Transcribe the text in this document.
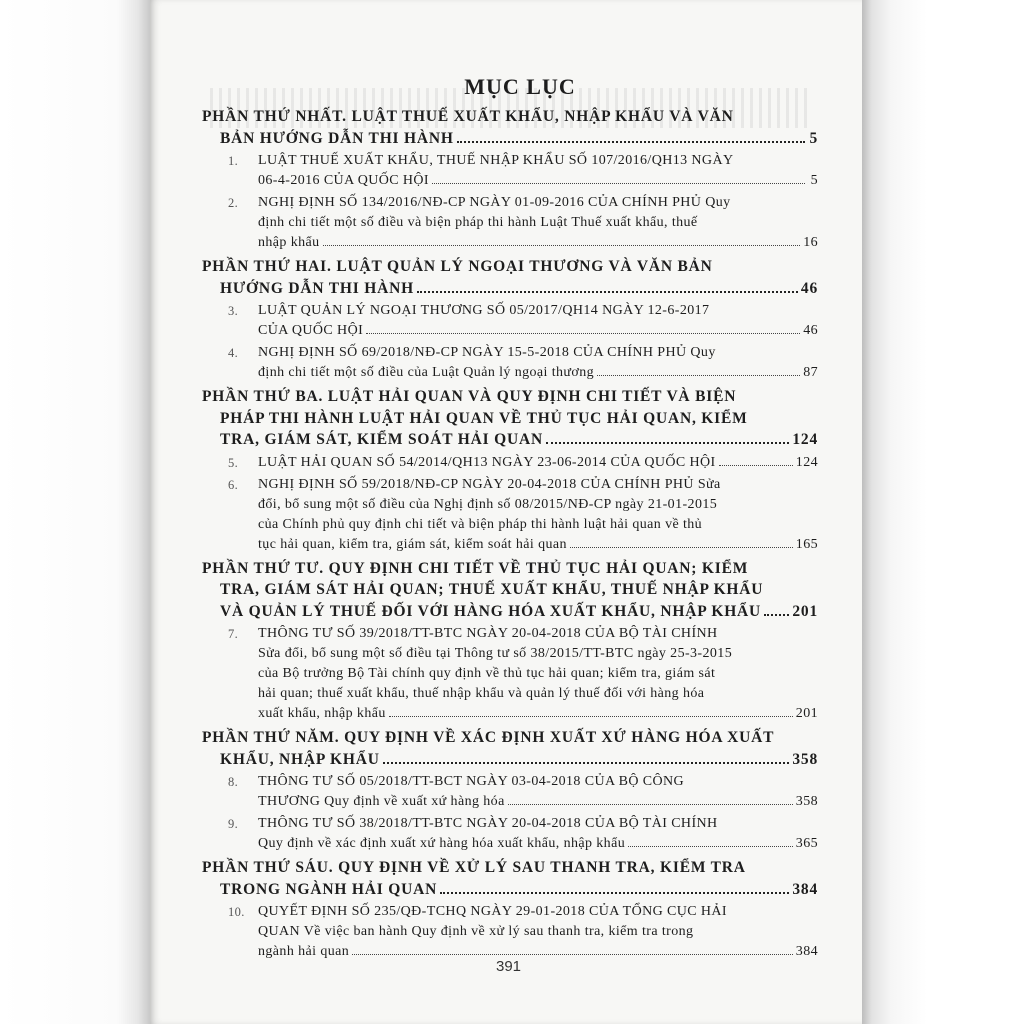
MỤC LỤC
PHẦN THỨ NHẤT. LUẬT THUẾ XUẤT KHẨU, NHẬP KHẨU VÀ VĂN
BẢN HƯỚNG DẪN THI HÀNH	5
1. LUẬT THUẾ XUẤT KHẨU, THUẾ NHẬP KHẨU SỐ 107/2016/QH13 NGÀY
06-4-2016 CỦA QUỐC HỘI	5
2. NGHỊ ĐỊNH SỐ 134/2016/NĐ-CP NGÀY 01-09-2016 CỦA CHÍNH PHỦ Quy
định chi tiết một số điều và biện pháp thi hành Luật Thuế xuất khẩu, thuế
nhập khẩu	16
PHẦN THỨ HAI. LUẬT QUẢN LÝ NGOẠI THƯƠNG VÀ VĂN BẢN
HƯỚNG DẪN THI HÀNH	46
3. LUẬT QUẢN LÝ NGOẠI THƯƠNG SỐ 05/2017/QH14 NGÀY 12-6-2017
CỦA QUỐC HỘI	46
4. NGHỊ ĐỊNH SỐ 69/2018/NĐ-CP NGÀY 15-5-2018 CỦA CHÍNH PHỦ Quy
định chi tiết một số điều của Luật Quản lý ngoại thương	87
PHẦN THỨ BA. LUẬT HẢI QUAN VÀ QUY ĐỊNH CHI TIẾT VÀ BIỆN
PHÁP THI HÀNH LUẬT HẢI QUAN VỀ THỦ TỤC HẢI QUAN, KIỂM
TRA, GIÁM SÁT, KIỂM SOÁT HẢI QUAN	124
5. LUẬT HẢI QUAN SỐ 54/2014/QH13 NGÀY 23-06-2014 CỦA QUỐC HỘI	124
6. NGHỊ ĐỊNH SỐ 59/2018/NĐ-CP NGÀY 20-04-2018 CỦA CHÍNH PHỦ Sửa
đổi, bổ sung một số điều của Nghị định số 08/2015/NĐ-CP ngày 21-01-2015
của Chính phủ quy định chi tiết và biện pháp thi hành luật hải quan về thủ
tục hải quan, kiểm tra, giám sát, kiểm soát hải quan	165
PHẦN THỨ TƯ. QUY ĐỊNH CHI TIẾT VỀ THỦ TỤC HẢI QUAN; KIỂM
TRA, GIÁM SÁT HẢI QUAN; THUẾ XUẤT KHẨU, THUẾ NHẬP KHẨU
VÀ QUẢN LÝ THUẾ ĐỐI VỚI HÀNG HÓA XUẤT KHẨU, NHẬP KHẨU 201
7. THÔNG TƯ SỐ 39/2018/TT-BTC NGÀY 20-04-2018 CỦA BỘ TÀI CHÍNH
Sửa đổi, bổ sung một số điều tại Thông tư số 38/2015/TT-BTC ngày 25-3-2015
của Bộ trưởng Bộ Tài chính quy định về thủ tục hải quan; kiểm tra, giám sát
hải quan; thuế xuất khẩu, thuế nhập khẩu và quản lý thuế đối với hàng hóa
xuất khẩu, nhập khẩu	201
PHẦN THỨ NĂM. QUY ĐỊNH VỀ XÁC ĐỊNH XUẤT XỨ HÀNG HÓA XUẤT
KHẨU, NHẬP KHẨU	358
8. THÔNG TƯ SỐ 05/2018/TT-BCT NGÀY 03-04-2018 CỦA BỘ CÔNG
THƯƠNG Quy định về xuất xứ hàng hóa	358
9. THÔNG TƯ SỐ 38/2018/TT-BTC NGÀY 20-04-2018 CỦA BỘ TÀI CHÍNH
Quy định về xác định xuất xứ hàng hóa xuất khẩu, nhập khẩu	365
PHẦN THỨ SÁU. QUY ĐỊNH VỀ XỬ LÝ SAU THANH TRA, KIỂM TRA
TRONG NGÀNH HẢI QUAN	384
10. QUYẾT ĐỊNH SỐ 235/QĐ-TCHQ NGÀY 29-01-2018 CỦA TỔNG CỤC HẢI
QUAN Về việc ban hành Quy định về xử lý sau thanh tra, kiểm tra trong
ngành hải quan	384
391
